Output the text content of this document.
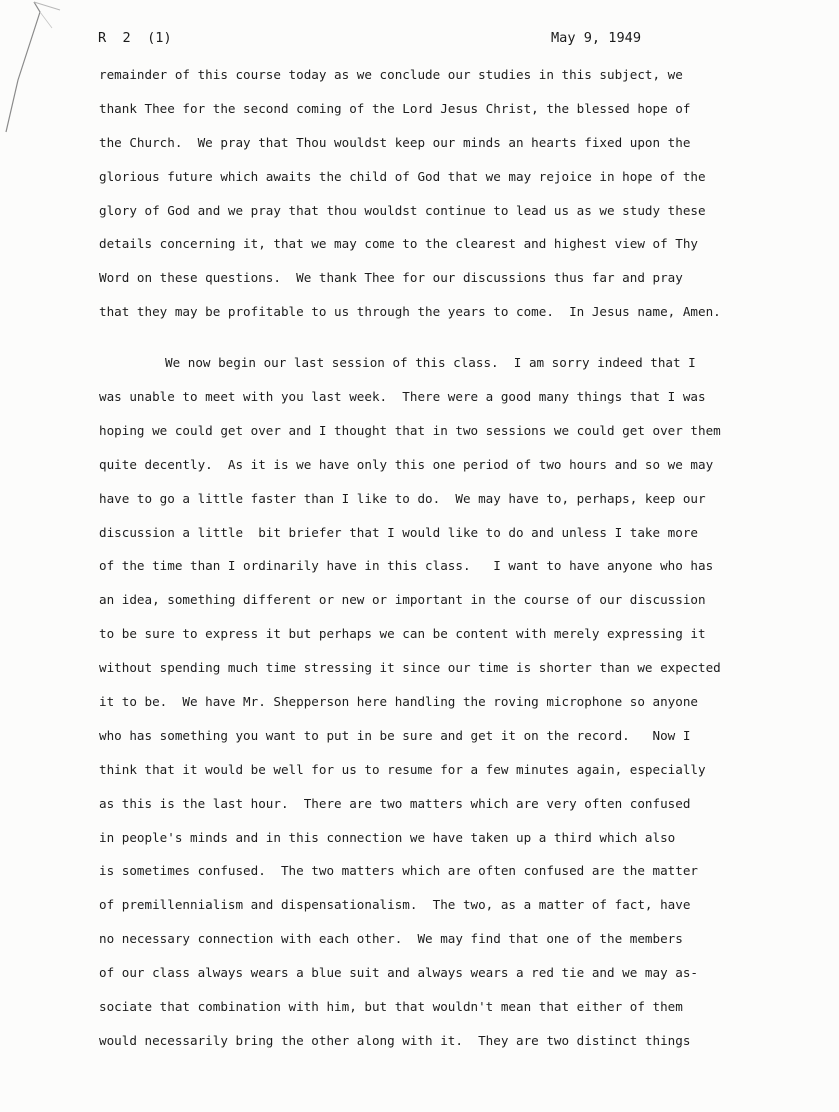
R  2  (1)	May 9, 1949
remainder of this course today as we conclude our studies in this subject, we
thank Thee for the second coming of the Lord Jesus Christ, the blessed hope of
the Church.  We pray that Thou wouldst keep our minds an hearts fixed upon the
glorious future which awaits the child of God that we may rejoice in hope of the
glory of God and we pray that thou wouldst continue to lead us as we study these
details concerning it, that we may come to the clearest and highest view of Thy
Word on these questions.  We thank Thee for our discussions thus far and pray
that they may be profitable to us through the years to come.  In Jesus name, Amen.
We now begin our last session of this class.  I am sorry indeed that I
was unable to meet with you last week.  There were a good many things that I was
hoping we could get over and I thought that in two sessions we could get over them
quite decently.  As it is we have only this one period of two hours and so we may
have to go a little faster than I like to do.  We may have to, perhaps, keep our
discussion a little  bit briefer that I would like to do and unless I take more
of the time than I ordinarily have in this class.   I want to have anyone who has
an idea, something different or new or important in the course of our discussion
to be sure to express it but perhaps we can be content with merely expressing it
without spending much time stressing it since our time is shorter than we expected
it to be.  We have Mr. Shepperson here handling the roving microphone so anyone
who has something you want to put in be sure and get it on the record.   Now I
think that it would be well for us to resume for a few minutes again, especially
as this is the last hour.  There are two matters which are very often confused
in people's minds and in this connection we have taken up a third which also
is sometimes confused.  The two matters which are often confused are the matter
of premillennialism and dispensationalism.  The two, as a matter of fact, have
no necessary connection with each other.  We may find that one of the members
of our class always wears a blue suit and always wears a red tie and we may as-
sociate that combination with him, but that wouldn't mean that either of them
would necessarily bring the other along with it.  They are two distinct things
